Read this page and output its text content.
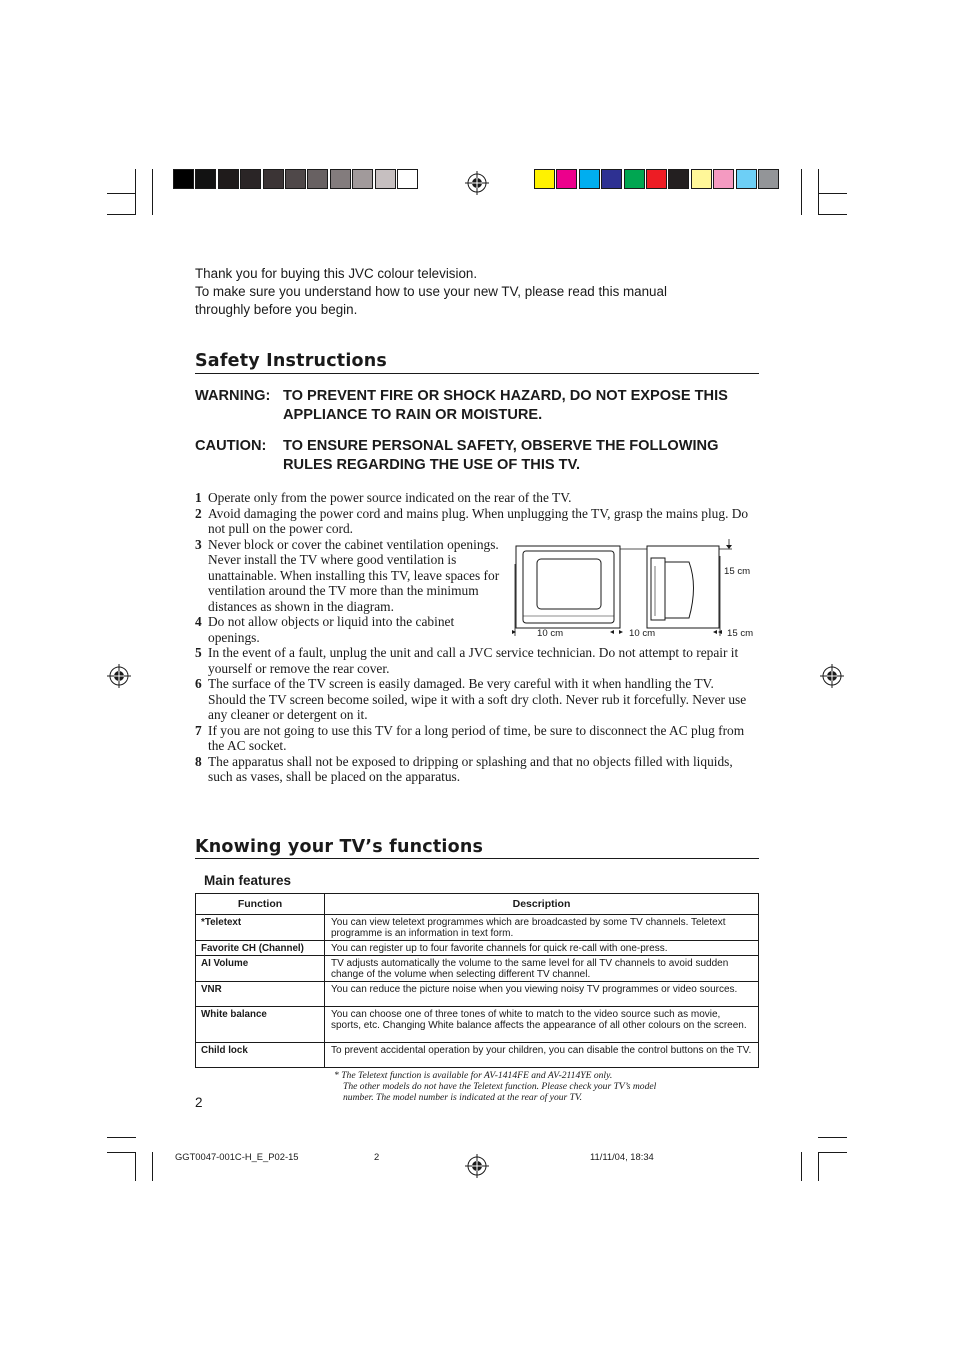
Thank you for buying this JVC colour television.
To make sure you understand how to use your new TV, please read this manual
throughly before you begin.
Safety Instructions
WARNING: TO PREVENT FIRE OR SHOCK HAZARD, DO NOT EXPOSE THIS APPLIANCE TO RAIN OR MOISTURE.
CAUTION: TO ENSURE PERSONAL SAFETY, OBSERVE THE FOLLOWING RULES REGARDING THE USE OF THIS TV.
1 Operate only from the power source indicated on the rear of the TV.
2 Avoid damaging the power cord and mains plug. When unplugging the TV, grasp the mains plug. Do not pull on the power cord.
3 Never block or cover the cabinet ventilation openings. Never install the TV where good ventilation is unattainable. When installing this TV, leave spaces for ventilation around the TV more than the minimum distances as shown in the diagram.
4 Do not allow objects or liquid into the cabinet openings.
5 In the event of a fault, unplug the unit and call a JVC service technician. Do not attempt to repair it yourself or remove the rear cover.
6 The surface of the TV screen is easily damaged. Be very careful with it when handling the TV. Should the TV screen become soiled, wipe it with a soft dry cloth. Never rub it forcefully. Never use any cleaner or detergent on it.
7 If you are not going to use this TV for a long period of time, be sure to disconnect the AC plug from the AC socket.
8 The apparatus shall not be exposed to dripping or splashing and that no objects filled with liquids, such as vases, shall be placed on the apparatus.
15 cm
10 cm	10 cm	15 cm
Knowing your TV’s functions
Main features
Function	Description
*Teletext	You can view teletext programmes which are broadcasted by some TV channels. Teletext programme is an information in text form.
Favorite CH (Channel)	You can register up to four favorite channels for quick re-call with one-press.
AI Volume	TV adjusts automatically the volume to the same level for all TV channels to avoid sudden change of the volume when selecting different TV channel.
VNR	You can reduce the picture noise when you viewing noisy TV programmes or video sources.
White balance	You can choose one of three tones of white to match to the video source such as movie, sports, etc. Changing White balance affects the appearance of all other colours on the screen.
Child lock	To prevent accidental operation by your children, you can disable the control buttons on the TV.
* The Teletext function is available for AV-1414FE and AV-2114YE only.
The other models do not have the Teletext function. Please check your TV’s model
number. The model number is indicated at the rear of your TV.
2
GGT0047-001C-H_E_P02-15	2	11/11/04, 18:34
